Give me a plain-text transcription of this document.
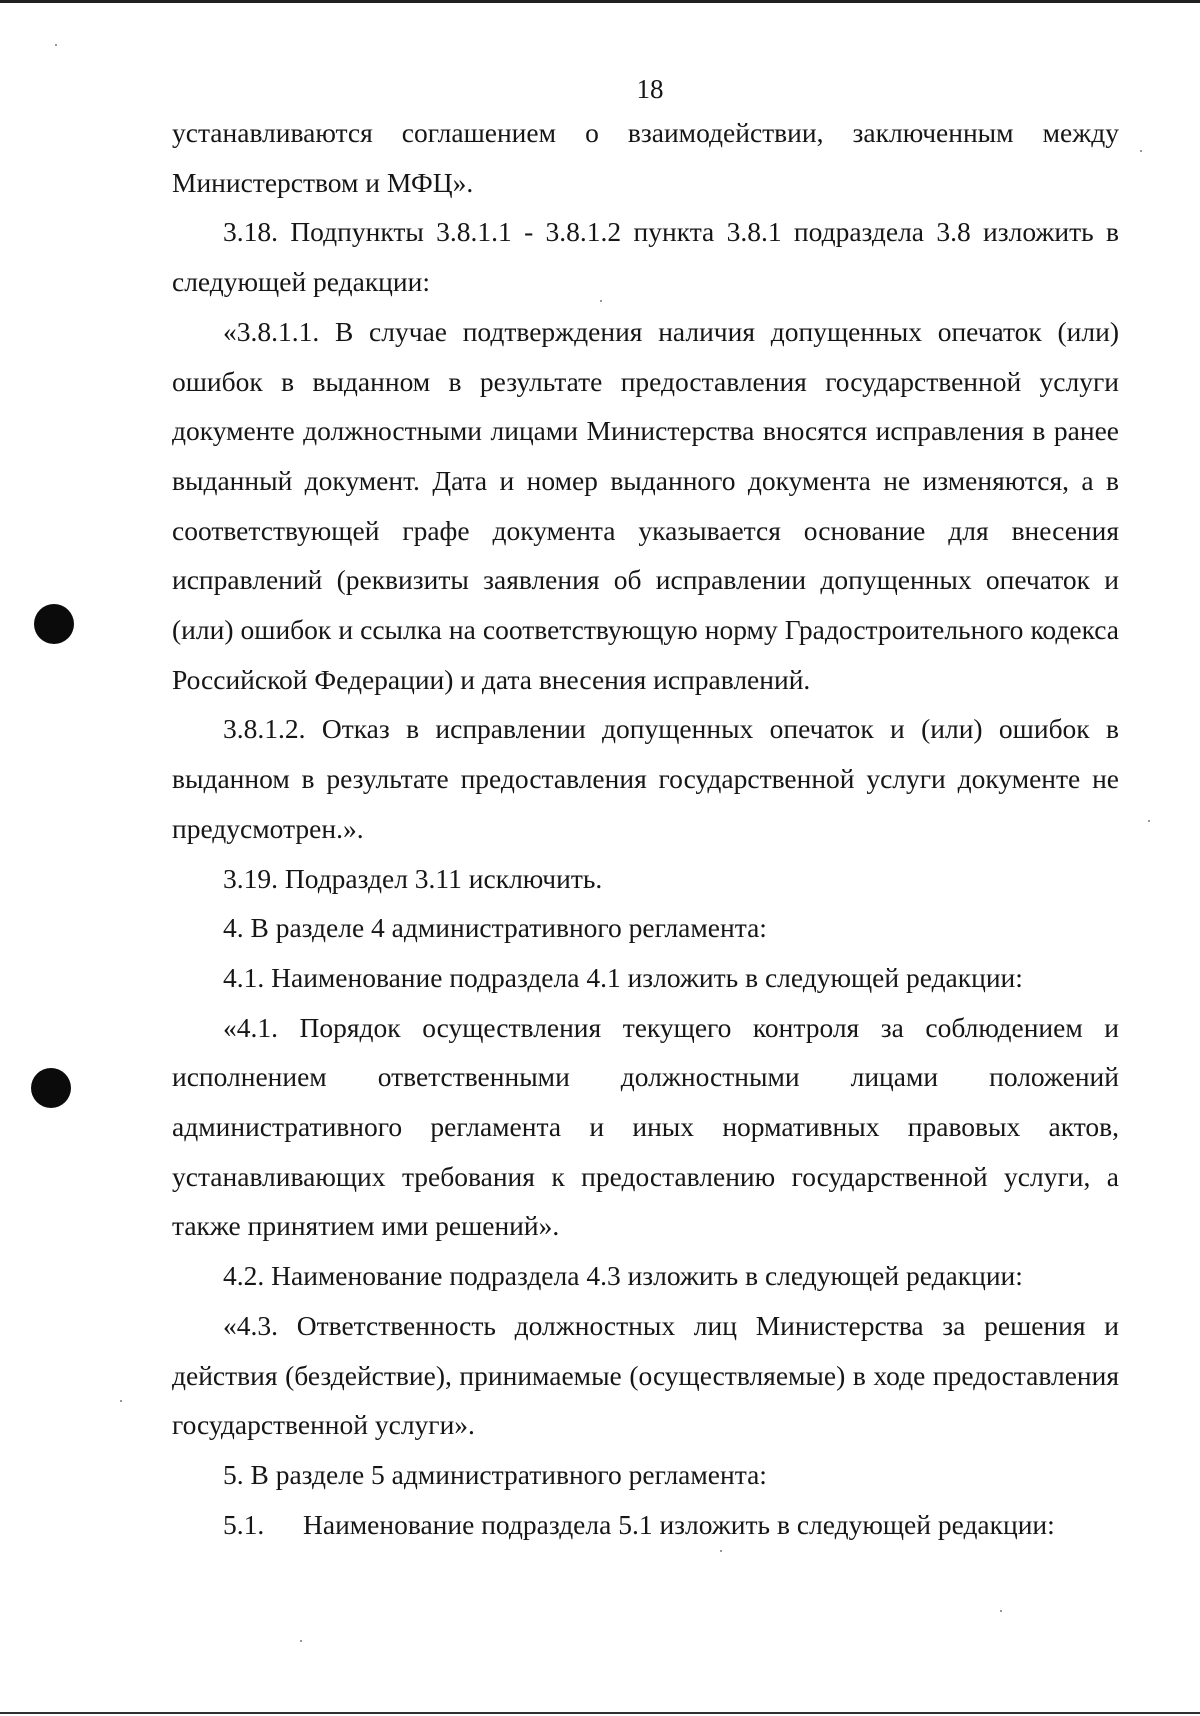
18

устанавливаются соглашением о взаимодействии, заключенным между Министерством и МФЦ».

3.18. Подпункты 3.8.1.1 - 3.8.1.2 пункта 3.8.1 подраздела 3.8 изложить в следующей редакции:

«3.8.1.1. В случае подтверждения наличия допущенных опечаток (или) ошибок в выданном в результате предоставления государственной услуги документе должностными лицами Министерства вносятся исправления в ранее выданный документ. Дата и номер выданного документа не изменяются, а в соответствующей графе документа указывается основание для внесения исправлений (реквизиты заявления об исправлении допущенных опечаток и (или) ошибок и ссылка на соответствующую норму Градостроительного кодекса Российской Федерации) и дата внесения исправлений.

3.8.1.2. Отказ в исправлении допущенных опечаток и (или) ошибок в выданном в результате предоставления государственной услуги документе не предусмотрен.».

3.19. Подраздел 3.11 исключить.

4. В разделе 4 административного регламента:

4.1. Наименование подраздела 4.1 изложить в следующей редакции:

«4.1. Порядок осуществления текущего контроля за соблюдением и исполнением ответственными должностными лицами положений административного регламента и иных нормативных правовых актов, устанавливающих требования к предоставлению государственной услуги, а также принятием ими решений».

4.2. Наименование подраздела 4.3 изложить в следующей редакции:

«4.3. Ответственность должностных лиц Министерства за решения и действия (бездействие), принимаемые (осуществляемые) в ходе предоставления государственной услуги».

5. В разделе 5 административного регламента:

5.1.	Наименование подраздела 5.1 изложить в следующей редакции:
